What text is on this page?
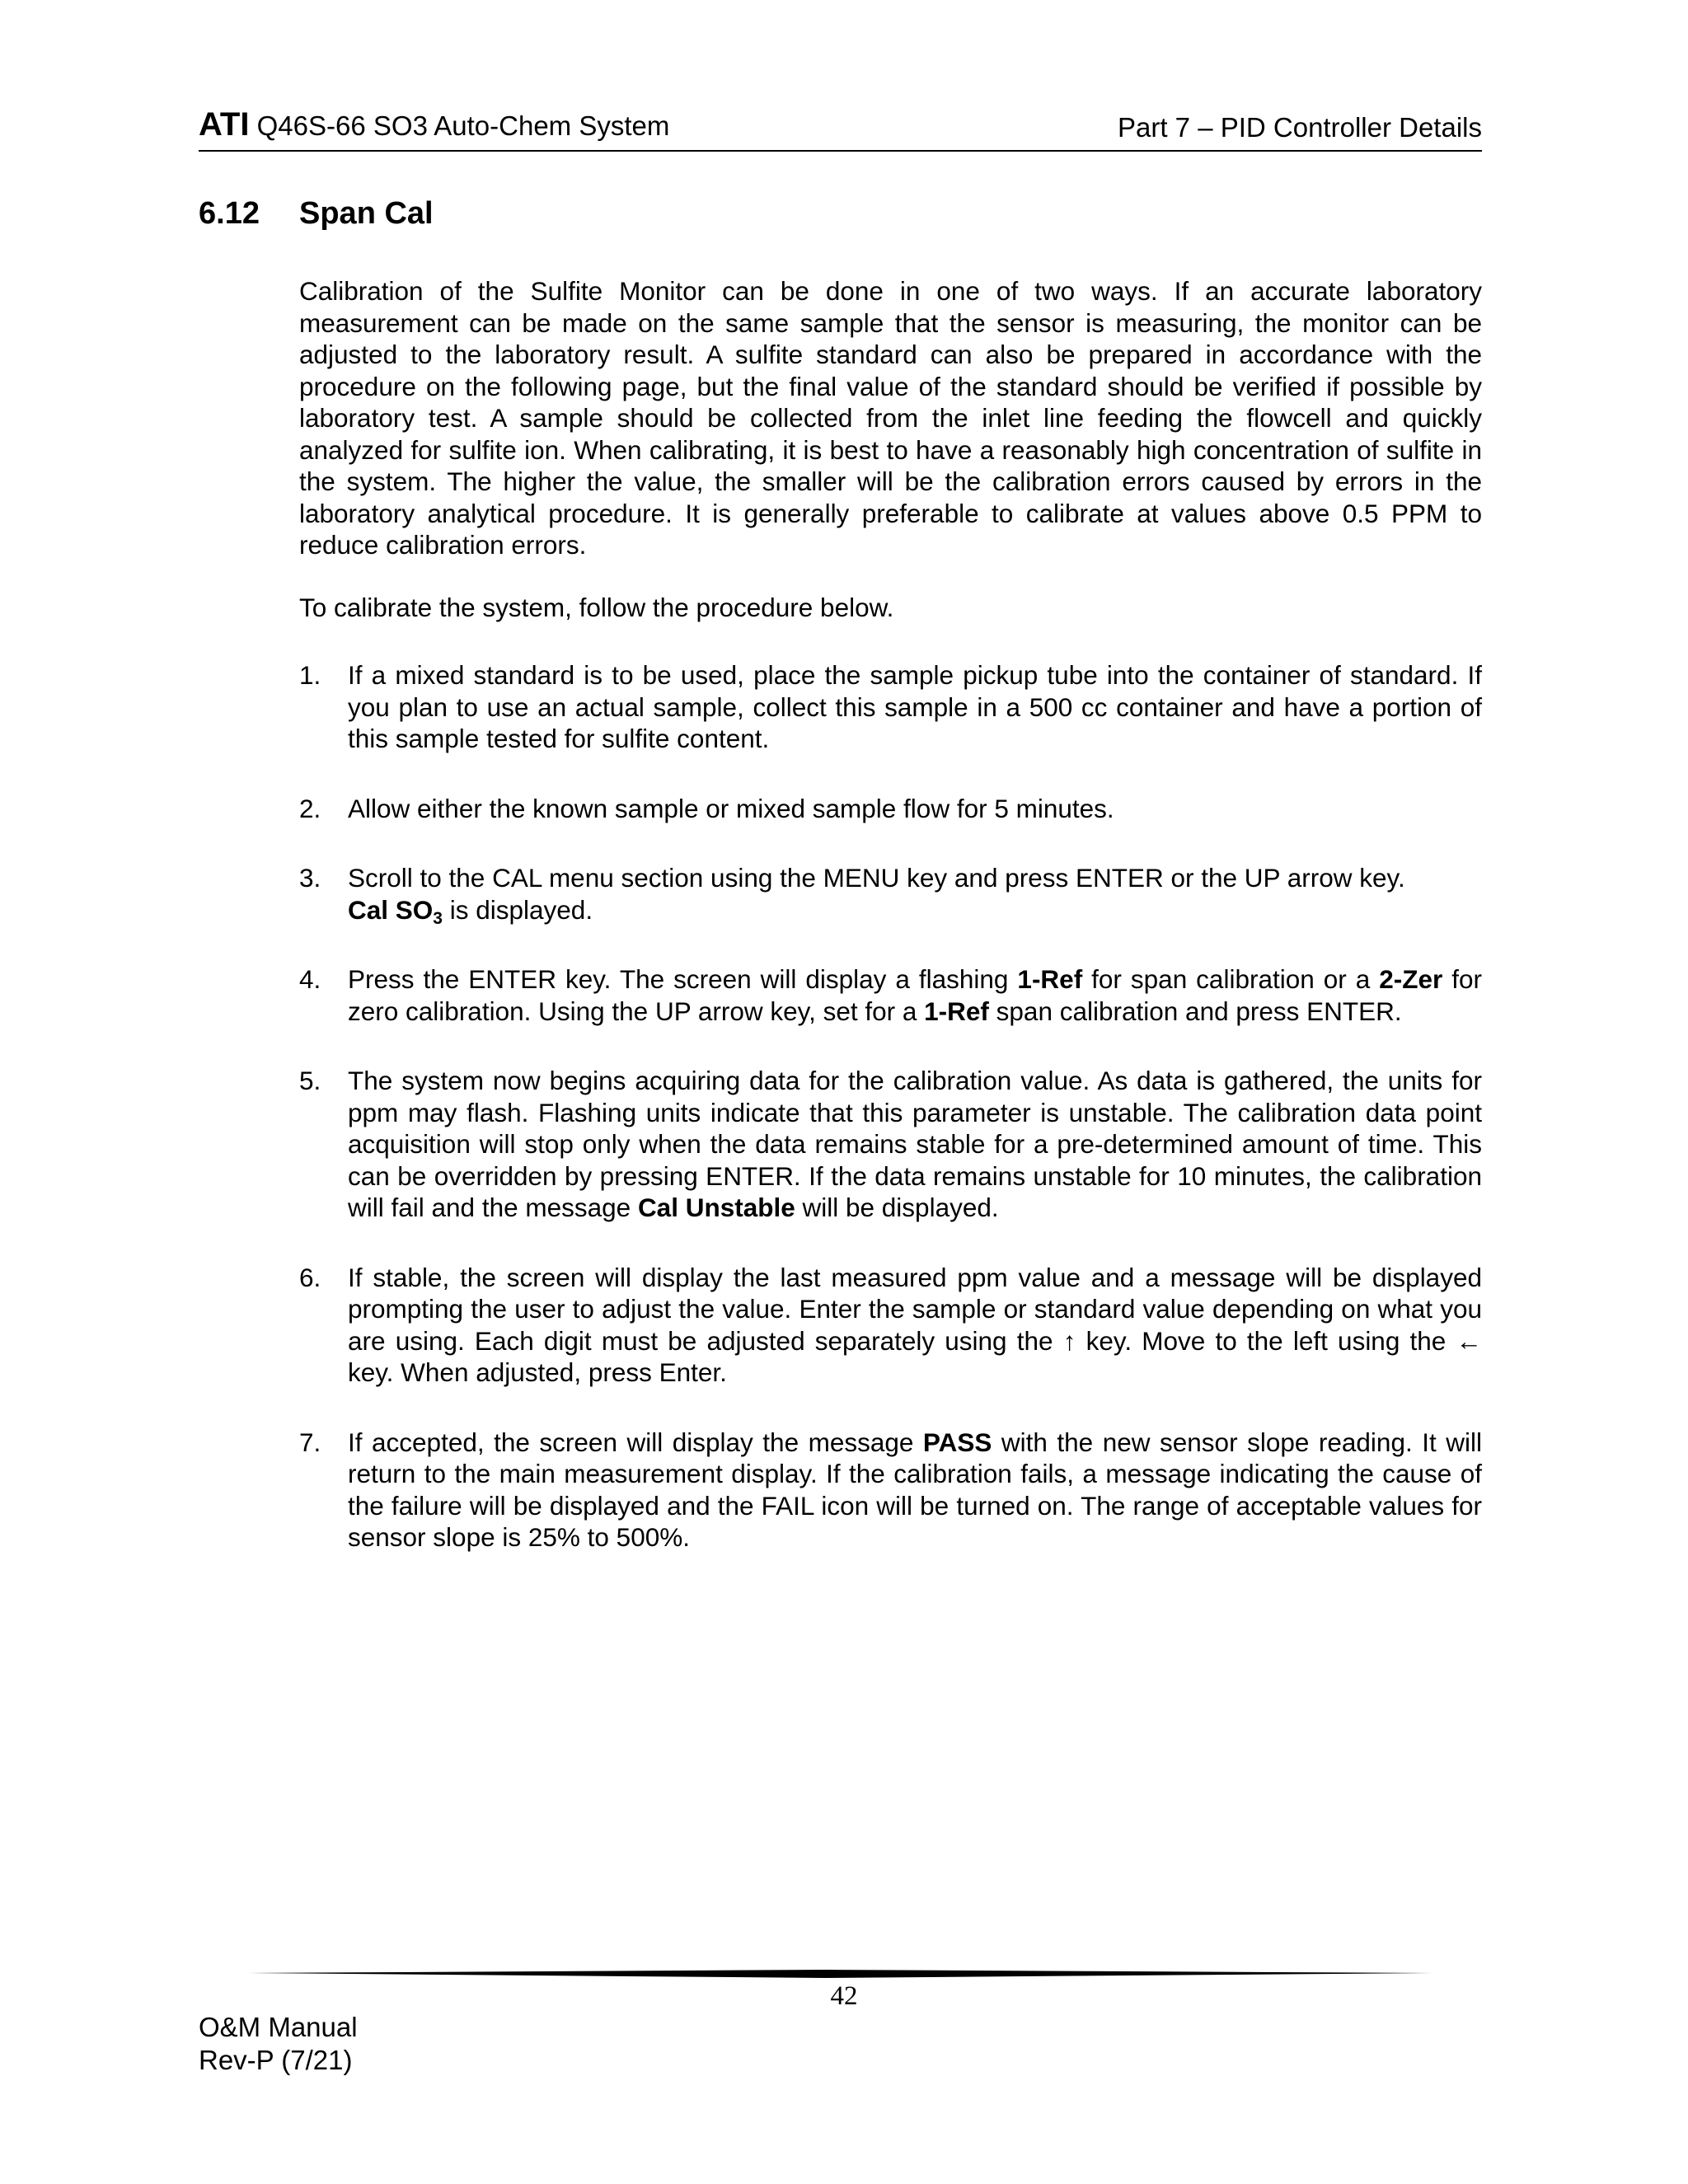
ATI Q46S-66 SO3 Auto-Chem System	Part 7 – PID Controller Details
6.12 Span Cal
Calibration of the Sulfite Monitor can be done in one of two ways. If an accurate laboratory measurement can be made on the same sample that the sensor is measuring, the monitor can be adjusted to the laboratory result. A sulfite standard can also be prepared in accordance with the procedure on the following page, but the final value of the standard should be verified if possible by laboratory test. A sample should be collected from the inlet line feeding the flowcell and quickly analyzed for sulfite ion. When calibrating, it is best to have a reasonably high concentration of sulfite in the system. The higher the value, the smaller will be the calibration errors caused by errors in the laboratory analytical procedure. It is generally preferable to calibrate at values above 0.5 PPM to reduce calibration errors.
To calibrate the system, follow the procedure below.
1. If a mixed standard is to be used, place the sample pickup tube into the container of standard. If you plan to use an actual sample, collect this sample in a 500 cc container and have a portion of this sample tested for sulfite content.
2. Allow either the known sample or mixed sample flow for 5 minutes.
3. Scroll to the CAL menu section using the MENU key and press ENTER or the UP arrow key.
Cal $SO_3$ is displayed.
4. Press the ENTER key. The screen will display a flashing 1-Ref for span calibration or a 2-Zer for zero calibration. Using the UP arrow key, set for a 1-Ref span calibration and press ENTER.
5. The system now begins acquiring data for the calibration value. As data is gathered, the units for ppm may flash. Flashing units indicate that this parameter is unstable. The calibration data point acquisition will stop only when the data remains stable for a pre-determined amount of time. This can be overridden by pressing ENTER. If the data remains unstable for 10 minutes, the calibration will fail and the message Cal Unstable will be displayed.
6. If stable, the screen will display the last measured ppm value and a message will be displayed prompting the user to adjust the value. Enter the sample or standard value depending on what you are using. Each digit must be adjusted separately using the ↑ key. Move to the left using the ← key. When adjusted, press Enter.
7. If accepted, the screen will display the message PASS with the new sensor slope reading. It will return to the main measurement display. If the calibration fails, a message indicating the cause of the failure will be displayed and the FAIL icon will be turned on. The range of acceptable values for sensor slope is 25% to 500%.
42
O&M Manual
Rev-P (7/21)
